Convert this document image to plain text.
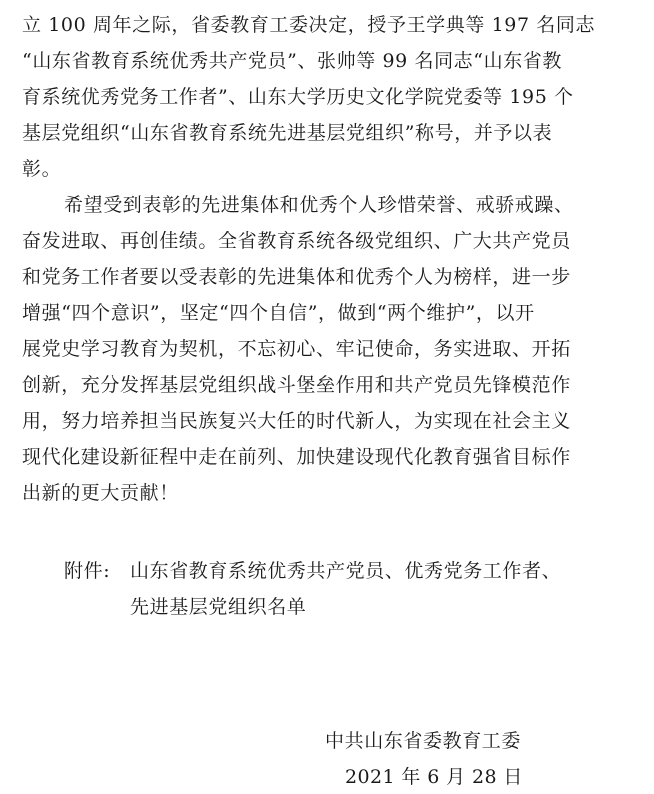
立 100 周年之际，省委教育工委决定，授予王学典等 197 名同志
“山东省教育系统优秀共产党员”、张帅等 99 名同志“山东省教
育系统优秀党务工作者”、山东大学历史文化学院党委等 195 个
基层党组织“山东省教育系统先进基层党组织”称号，并予以表
彰。
希望受到表彰的先进集体和优秀个人珍惜荣誉、戒骄戒躁、
奋发进取、再创佳绩。全省教育系统各级党组织、广大共产党员
和党务工作者要以受表彰的先进集体和优秀个人为榜样，进一步
增强“四个意识”，坚定“四个自信”，做到“两个维护”，以开
展党史学习教育为契机，不忘初心、牢记使命，务实进取、开拓
创新，充分发挥基层党组织战斗堡垒作用和共产党员先锋模范作
用，努力培养担当民族复兴大任的时代新人，为实现在社会主义
现代化建设新征程中走在前列、加快建设现代化教育强省目标作
出新的更大贡献！
附件: 山东省教育系统优秀共产党员、优秀党务工作者、
先进基层党组织名单
中共山东省委教育工委
2021 年 6 月 28 日
